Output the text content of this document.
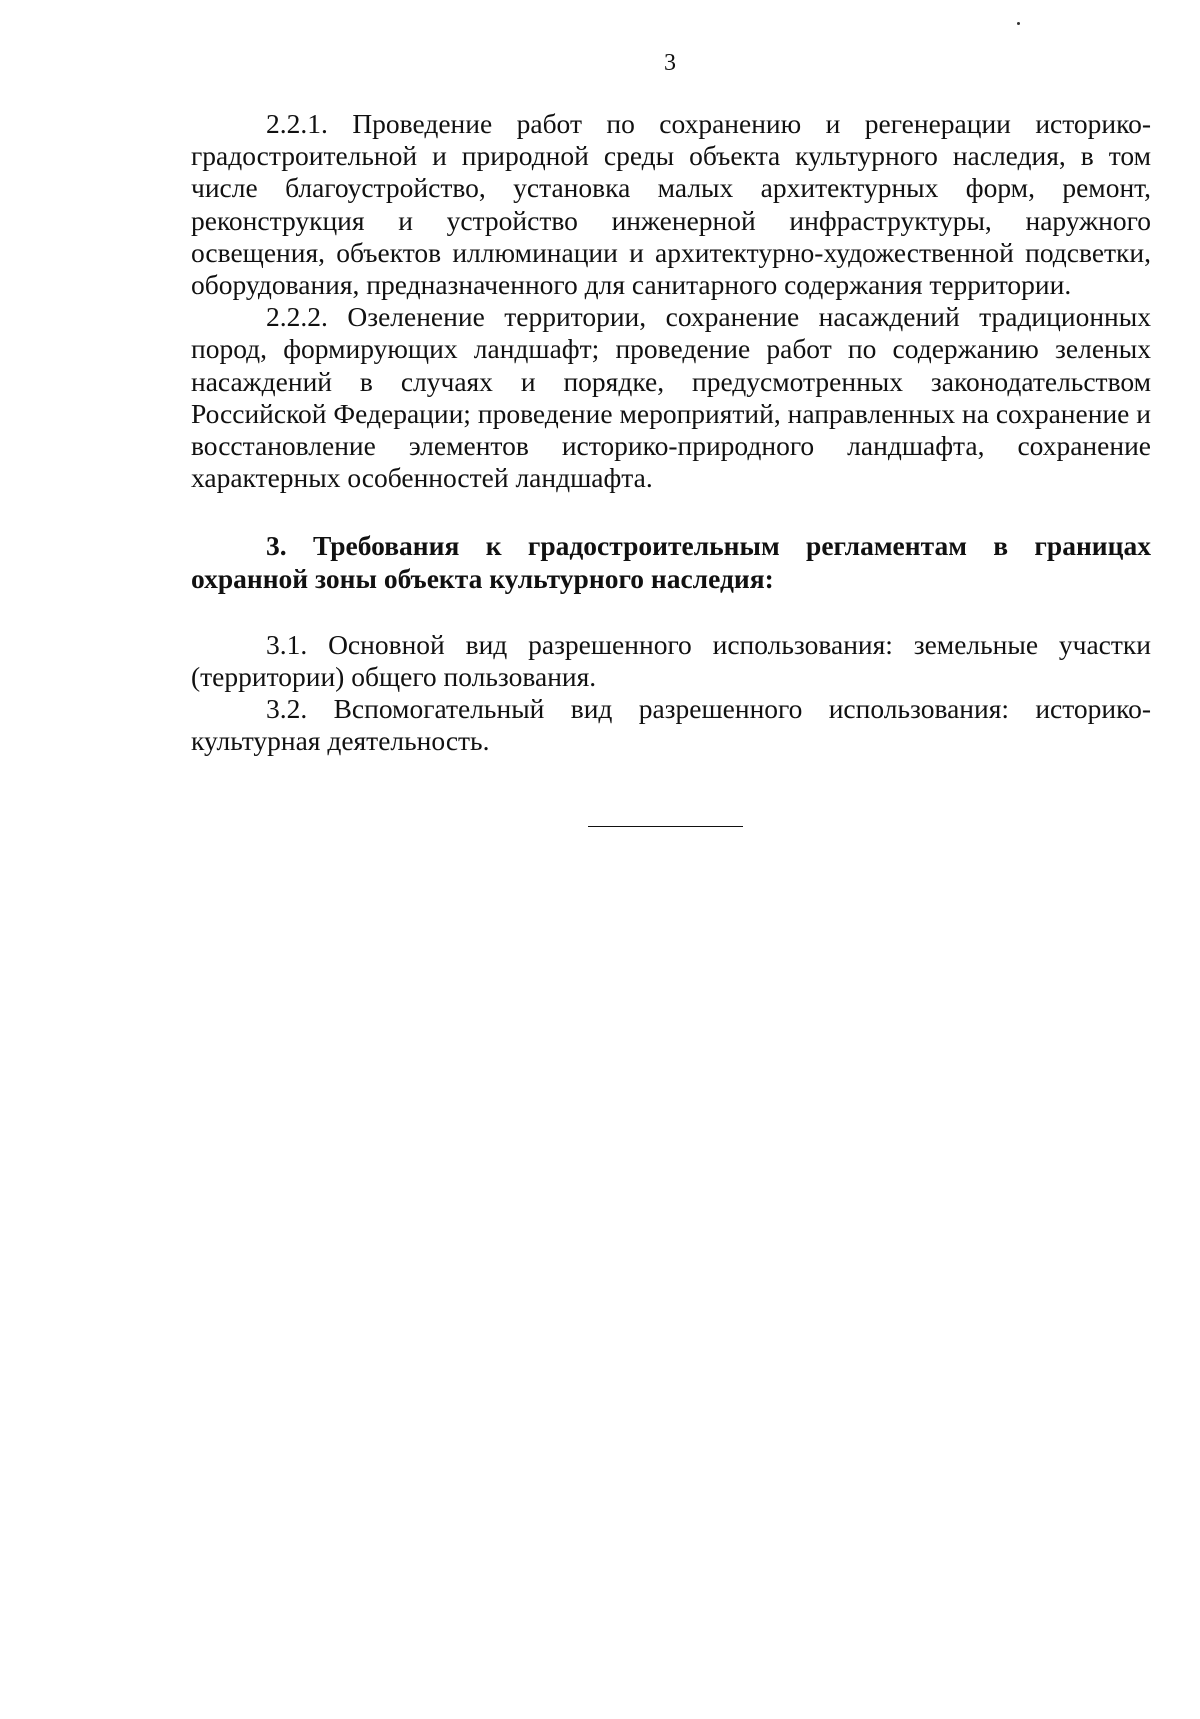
3

2.2.1. Проведение работ по сохранению и регенерации историко-градостроительной и природной среды объекта культурного наследия, в том числе благоустройство, установка малых архитектурных форм, ремонт, реконструкция и устройство инженерной инфраструктуры, наружного освещения, объектов иллюминации и архитектурно-художественной подсветки, оборудования, предназначенного для санитарного содержания территории.

2.2.2. Озеленение территории, сохранение насаждений традиционных пород, формирующих ландшафт; проведение работ по содержанию зеленых насаждений в случаях и порядке, предусмотренных законодательством Российской Федерации; проведение мероприятий, направленных на сохранение и восстановление элементов историко-природного ландшафта, сохранение характерных особенностей ландшафта.

3. Требования к градостроительным регламентам в границах охранной зоны объекта культурного наследия:

3.1. Основной вид разрешенного использования: земельные участки (территории) общего пользования.

3.2. Вспомогательный вид разрешенного использования: историко-культурная деятельность.
